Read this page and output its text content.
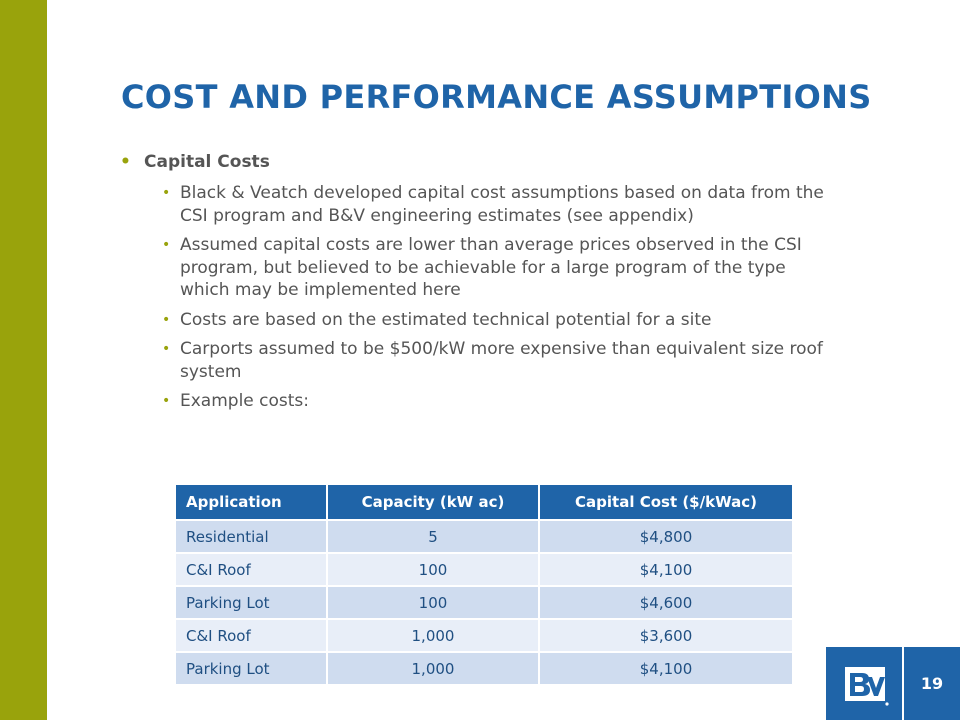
COST AND PERFORMANCE ASSUMPTIONS
• Capital Costs
• Black & Veatch developed capital cost assumptions based on data from the CSI program and B&V engineering estimates (see appendix)
• Assumed capital costs are lower than average prices observed in the CSI program, but believed to be achievable for a large program of the type which may be implemented here
• Costs are based on the estimated technical potential for a site
• Carports assumed to be $500/kW more expensive than equivalent size roof system
• Example costs:
Application	Capacity (kW ac)	Capital Cost ($/kWac)
Residential	5	$4,800
C&I Roof	100	$4,100
Parking Lot	100	$4,600
C&I Roof	1,000	$3,600
Parking Lot	1,000	$4,100
19
